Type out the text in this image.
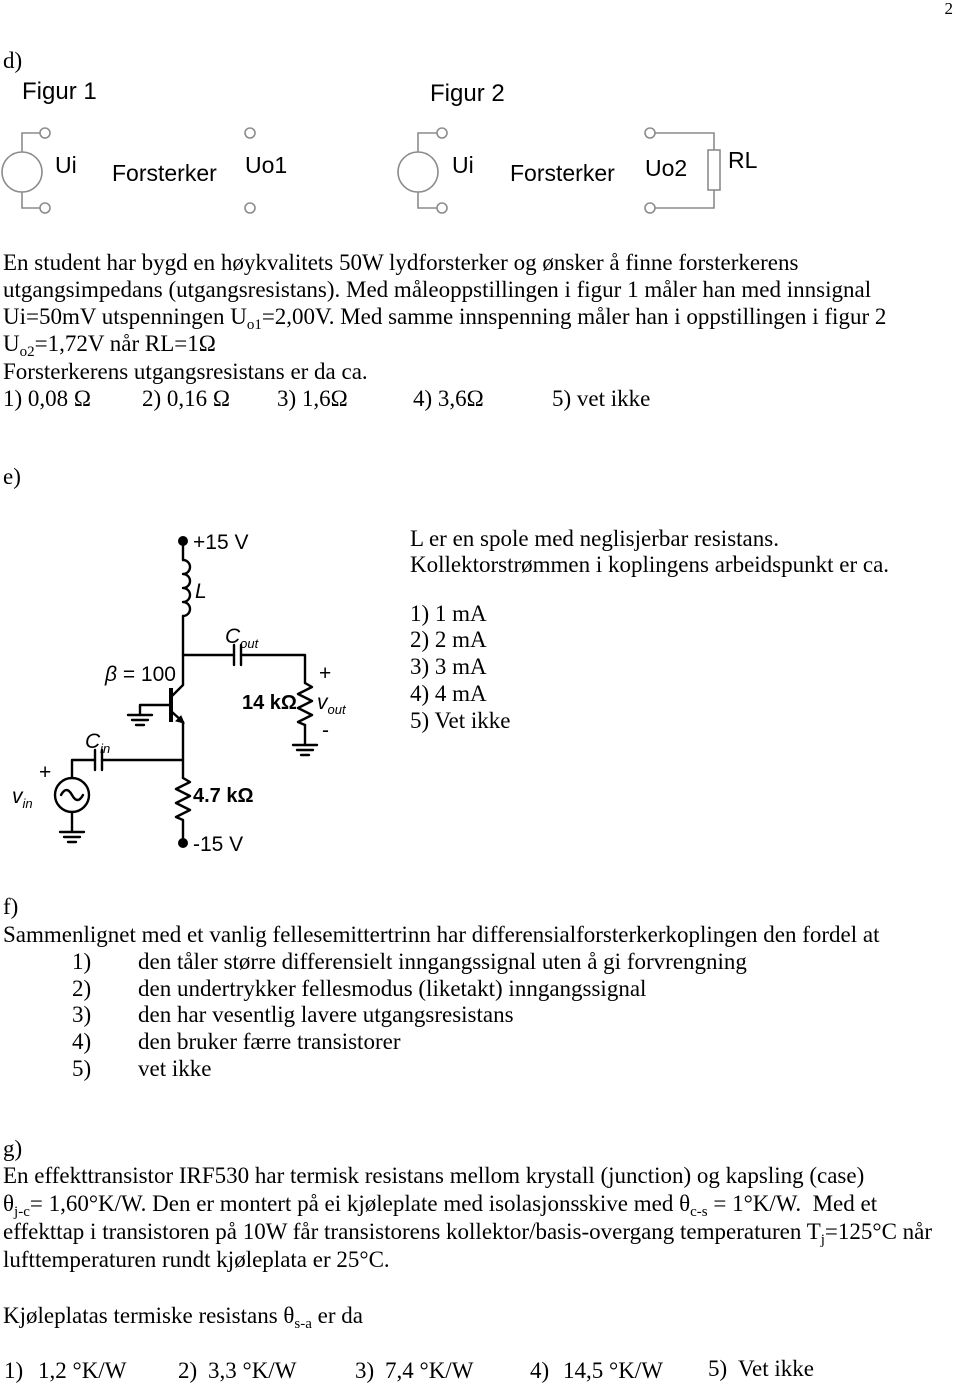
2
d)
Figur 1	Figur 2
Ui Forsterker Uo1	Ui Forsterker Uo2 RL
En student har bygd en høykvalitets 50W lydforsterker og ønsker å finne forsterkerens
utgangsimpedans (utgangsresistans). Med måleoppstillingen i figur 1 måler han med innsignal
Ui=50mV utspenningen $U_{o1}=2,00V$. Med samme innspenning måler han i oppstillingen i figur 2
$U_{o2}=1,72V$ når RL=1Ω
Forsterkerens utgangsresistans er da ca.
1) 0,08 Ω 2) 0,16 Ω 3) 1,6Ω	4) 3,6Ω	5) vet ikke
e)
+15 V
L
$C_{out}$
β = 100	+
14 kΩ $v_{out}$
-
$C_{in}$
+
$v_{in}$	4.7 kΩ
-15 V
L er en spole med neglisjerbar resistans.
Kollektorstrømmen i koplingens arbeidspunkt er ca.
1) 1 mA
2) 2 mA
3) 3 mA
4) 4 mA
5) Vet ikke
f)
Sammenlignet med et vanlig fellesemittertrinn har differensialforsterkerkoplingen den fordel at
1) den tåler større differensielt inngangssignal uten å gi forvrengning
2) den undertrykker fellesmodus (liketakt) inngangssignal
3) den har vesentlig lavere utgangsresistans
4) den bruker færre transistorer
5) vet ikke
g)
En effekttransistor IRF530 har termisk resistans mellom krystall (junction) og kapsling (case)
$\theta_{j-c}= 1,60^\circ K/W$. Den er montert på ei kjøleplate med isolasjonsskive med $\theta_{c-s} = 1^\circ K/W$.  Med et
effekttap i transistoren på 10W får transistorens kollektor/basis-overgang temperaturen $T_j=125^\circ C$ når
lufttemperaturen rundt kjøleplata er 25°C.
Kjøleplatas termiske resistans $\theta_{s-a}$ er da
1) 1,2 °K/W 2) 3,3 °K/W	3) 7,4 °K/W 4) 14,5 °K/W 5) Vet ikke
